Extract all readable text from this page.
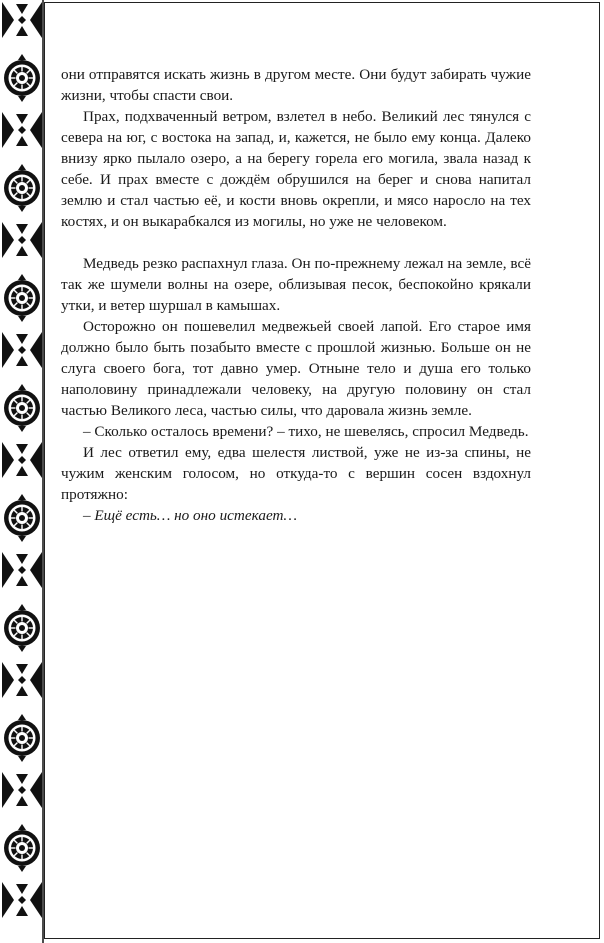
они отправятся искать жизнь в другом месте. Они будут забирать чужие жизни, чтобы спасти свои.

Прах, подхваченный ветром, взлетел в небо. Великий лес тянулся с севера на юг, с востока на запад, и, кажется, не было ему конца. Далеко внизу ярко пылало озеро, а на берегу горела его могила, звала назад к себе. И прах вместе с дождём обрушился на берег и снова напитал землю и стал частью её, и кости вновь окрепли, и мясо наросло на тех костях, и он выкарабкался из могилы, но уже не человеком.

Медведь резко распахнул глаза. Он по-прежнему лежал на земле, всё так же шумели волны на озере, облизывая песок, беспокойно крякали утки, и ветер шуршал в камышах.

Осторожно он пошевелил медвежьей своей лапой. Его старое имя должно было быть позабыто вместе с прошлой жизнью. Больше он не слуга своего бога, тот давно умер. Отныне тело и душа его только наполовину принадлежали человеку, на другую половину он стал частью Великого леса, частью силы, что даровала жизнь земле.

– Сколько осталось времени? – тихо, не шевелясь, спросил Медведь.

И лес ответил ему, едва шелестя листвой, уже не из-за спины, не чужим женским голосом, но откуда-то с вершин сосен вздохнул протяжно:

– Ещё есть… но оно истекает…
